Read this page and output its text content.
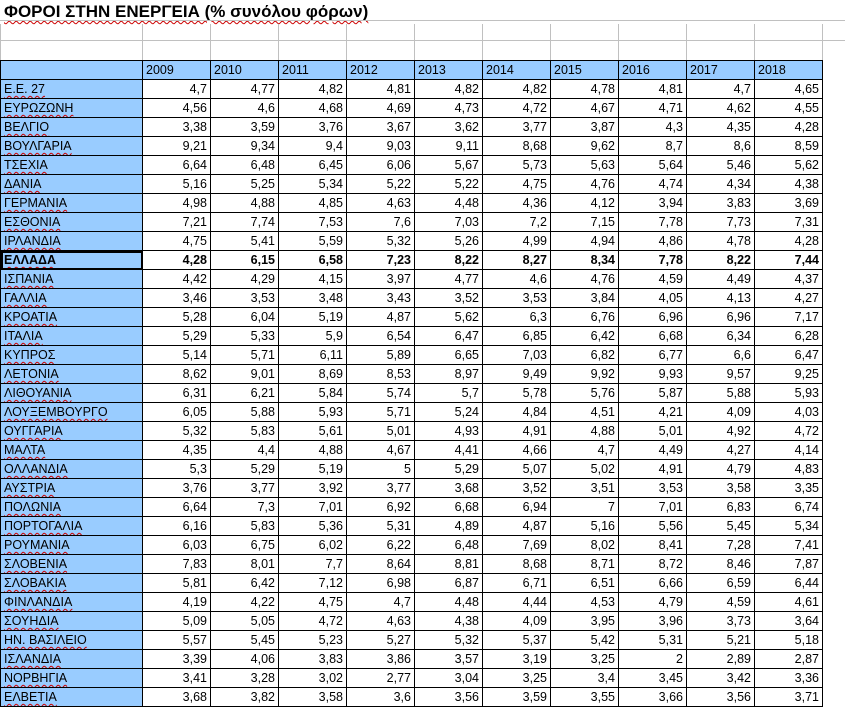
ΦΟΡΟΙ ΣΤΗΝ ΕΝΕΡΓΕΙΑ (% συνόλου φόρων)
	2009	2010	2011	2012	2013	2014	2015	2016	2017	2018
Ε.Ε. 27	4,7	4,77	4,82	4,81	4,82	4,82	4,78	4,81	4,7	4,65
ΕΥΡΩΖΩΝΗ	4,56	4,6	4,68	4,69	4,73	4,72	4,67	4,71	4,62	4,55
ΒΕΛΓΙΟ	3,38	3,59	3,76	3,67	3,62	3,77	3,87	4,3	4,35	4,28
ΒΟΥΛΓΑΡΙΑ	9,21	9,34	9,4	9,03	9,11	8,68	9,62	8,7	8,6	8,59
ΤΣΕΧΙΑ	6,64	6,48	6,45	6,06	5,67	5,73	5,63	5,64	5,46	5,62
ΔΑΝΙΑ	5,16	5,25	5,34	5,22	5,22	4,75	4,76	4,74	4,34	4,38
ΓΕΡΜΑΝΙΑ	4,98	4,88	4,85	4,63	4,48	4,36	4,12	3,94	3,83	3,69
ΕΣΘΟΝΙΑ	7,21	7,74	7,53	7,6	7,03	7,2	7,15	7,78	7,73	7,31
ΙΡΛΑΝΔΙΑ	4,75	5,41	5,59	5,32	5,26	4,99	4,94	4,86	4,78	4,28
ΕΛΛΑΔΑ	4,28	6,15	6,58	7,23	8,22	8,27	8,34	7,78	8,22	7,44
ΙΣΠΑΝΙΑ	4,42	4,29	4,15	3,97	4,77	4,6	4,76	4,59	4,49	4,37
ΓΑΛΛΙΑ	3,46	3,53	3,48	3,43	3,52	3,53	3,84	4,05	4,13	4,27
ΚΡΟΑΤΙΑ	5,28	6,04	5,19	4,87	5,62	6,3	6,76	6,96	6,96	7,17
ΙΤΑΛΙΑ	5,29	5,33	5,9	6,54	6,47	6,85	6,42	6,68	6,34	6,28
ΚΥΠΡΟΣ	5,14	5,71	6,11	5,89	6,65	7,03	6,82	6,77	6,6	6,47
ΛΕΤΟΝΙΑ	8,62	9,01	8,69	8,53	8,97	9,49	9,92	9,93	9,57	9,25
ΛΙΘΟΥΑΝΙΑ	6,31	6,21	5,84	5,74	5,7	5,78	5,76	5,87	5,88	5,93
ΛΟΥΞΕΜΒΟΥΡΓΟ	6,05	5,88	5,93	5,71	5,24	4,84	4,51	4,21	4,09	4,03
ΟΥΓΓΑΡΙΑ	5,32	5,83	5,61	5,01	4,93	4,91	4,88	5,01	4,92	4,72
ΜΑΛΤΑ	4,35	4,4	4,88	4,67	4,41	4,66	4,7	4,49	4,27	4,14
ΟΛΛΑΝΔΙΑ	5,3	5,29	5,19	5	5,29	5,07	5,02	4,91	4,79	4,83
ΑΥΣΤΡΙΑ	3,76	3,77	3,92	3,77	3,68	3,52	3,51	3,53	3,58	3,35
ΠΟΛΩΝΙΑ	6,64	7,3	7,01	6,92	6,68	6,94	7	7,01	6,83	6,74
ΠΟΡΤΟΓΑΛΙΑ	6,16	5,83	5,36	5,31	4,89	4,87	5,16	5,56	5,45	5,34
ΡΟΥΜΑΝΙΑ	6,03	6,75	6,02	6,22	6,48	7,69	8,02	8,41	7,28	7,41
ΣΛΟΒΕΝΙΑ	7,83	8,01	7,7	8,64	8,81	8,68	8,71	8,72	8,46	7,87
ΣΛΟΒΑΚΙΑ	5,81	6,42	7,12	6,98	6,87	6,71	6,51	6,66	6,59	6,44
ΦΙΝΛΑΝΔΙΑ	4,19	4,22	4,75	4,7	4,48	4,44	4,53	4,79	4,59	4,61
ΣΟΥΗΔΙΑ	5,09	5,05	4,72	4,63	4,38	4,09	3,95	3,96	3,73	3,64
ΗΝ. ΒΑΣΙΛΕΙΟ	5,57	5,45	5,23	5,27	5,32	5,37	5,42	5,31	5,21	5,18
ΙΣΛΑΝΔΙΑ	3,39	4,06	3,83	3,86	3,57	3,19	3,25	2	2,89	2,87
ΝΟΡΒΗΓΙΑ	3,41	3,28	3,02	2,77	3,04	3,25	3,4	3,45	3,42	3,36
ΕΛΒΕΤΙΑ	3,68	3,82	3,58	3,6	3,56	3,59	3,55	3,66	3,56	3,71
